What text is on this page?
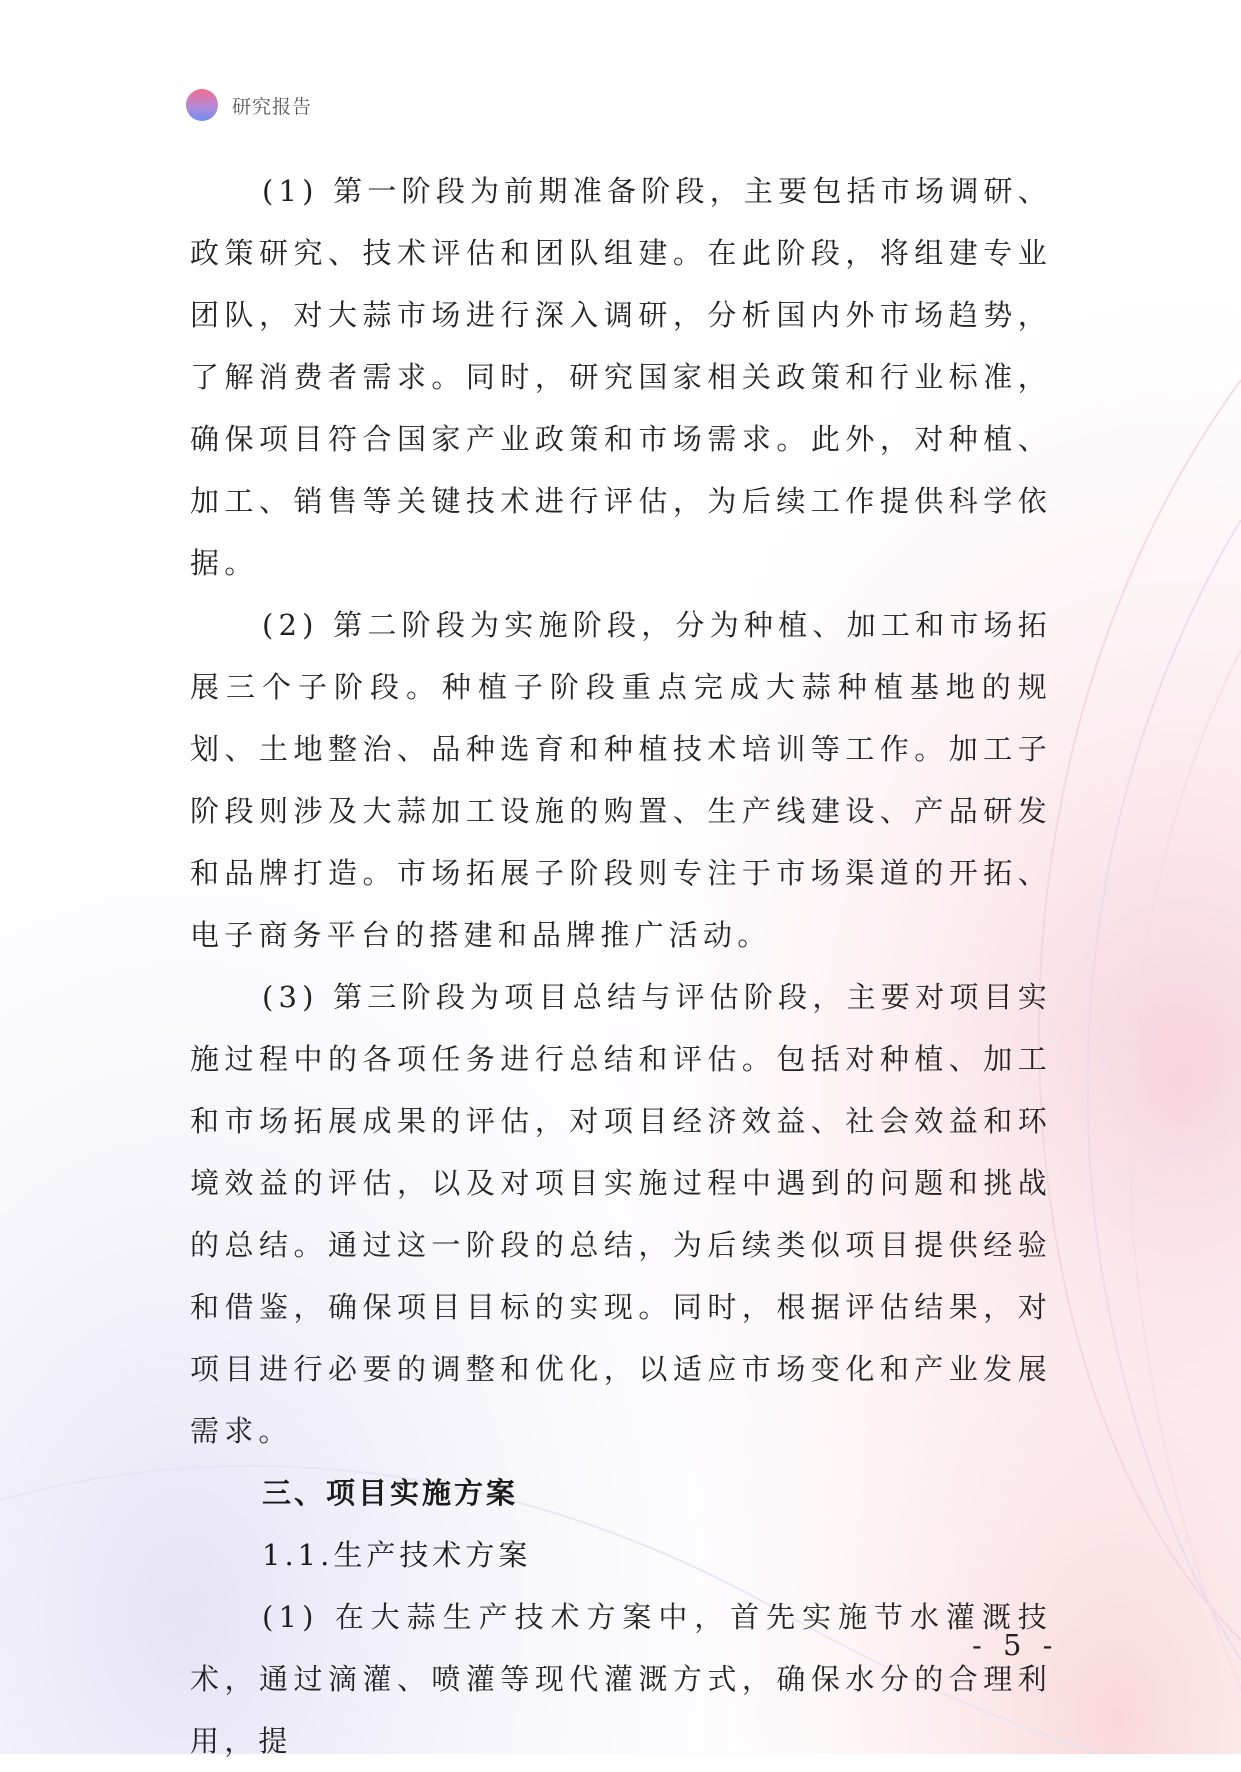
研究报告

(1) 第一阶段为前期准备阶段，主要包括市场调研、政策研究、技术评估和团队组建。在此阶段，将组建专业团队，对大蒜市场进行深入调研，分析国内外市场趋势，了解消费者需求。同时，研究国家相关政策和行业标准，确保项目符合国家产业政策和市场需求。此外，对种植、加工、销售等关键技术进行评估，为后续工作提供科学依据。

(2) 第二阶段为实施阶段，分为种植、加工和市场拓展三个子阶段。种植子阶段重点完成大蒜种植基地的规划、土地整治、品种选育和种植技术培训等工作。加工子阶段则涉及大蒜加工设施的购置、生产线建设、产品研发和品牌打造。市场拓展子阶段则专注于市场渠道的开拓、电子商务平台的搭建和品牌推广活动。

(3) 第三阶段为项目总结与评估阶段，主要对项目实施过程中的各项任务进行总结和评估。包括对种植、加工和市场拓展成果的评估，对项目经济效益、社会效益和环境效益的评估，以及对项目实施过程中遇到的问题和挑战的总结。通过这一阶段的总结，为后续类似项目提供经验和借鉴，确保项目目标的实现。同时，根据评估结果，对项目进行必要的调整和优化，以适应市场变化和产业发展需求。

三、项目实施方案

1.1.生产技术方案

(1) 在大蒜生产技术方案中，首先实施节水灌溉技术，通过滴灌、喷灌等现代灌溉方式，确保水分的合理利用，提

- 5 -
